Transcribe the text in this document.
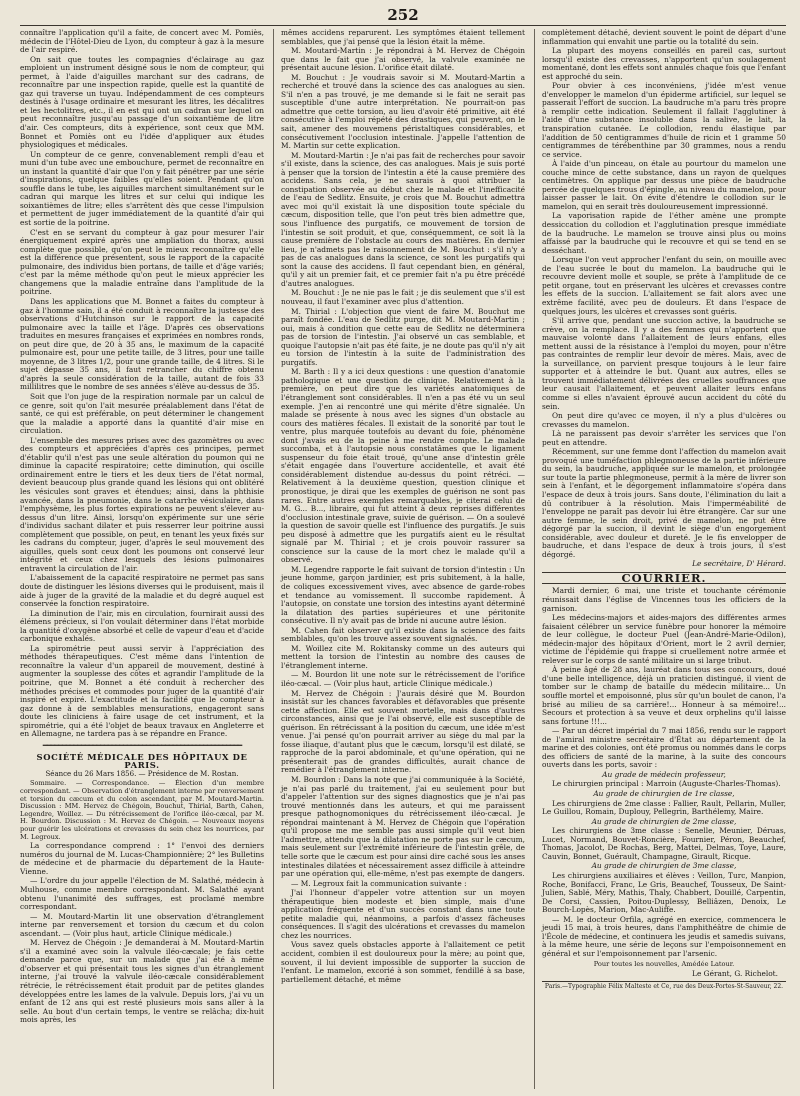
252

connaître l'application qu'il a faite, de concert avec M. Pomiès, médecin de l'Hôtel-Dieu de Lyon, du compteur à gaz à la mesure de l'air respiré.

On sait que toutes les compagnies d'éclairage au gaz emploient un instrument désigné sous le nom de compteur, qui permet, à l'aide d'aiguilles marchant sur des cadrans, de reconnaître par une inspection rapide, quelle est la quantité de gaz qui traverse un tuyau. Indépendamment de ces compteurs destinés à l'usage ordinaire et mesurant les litres, les décalitres et les hectolitres, etc., il en est qui ont un cadran sur lequel on peut reconnaître jusqu'au passage d'un soixantième de litre d'air. Ces compteurs, dits à expérience, sont ceux que MM. Bonnet et Pomiès ont eu l'idée d'appliquer aux études physiologiques et médicales.

Un compteur de ce genre, convenablement rempli d'eau et muni d'un tube avec une embouchure, permet de reconnaître en un instant la quantité d'air que l'on y fait pénétrer par une série d'inspirations, quelque faibles qu'elles soient. Pendant qu'on souffle dans le tube, les aiguilles marchent simultanément sur le cadran qui marque les litres et sur celui qui indique les soixantièmes de litre; elles s'arrêtent dès que cesse l'impulsion et permettent de juger immédiatement de la quantité d'air qui est sortie de la poitrine.

C'est en se servant du compteur à gaz pour mesurer l'air énergiquement expiré après une ampliation du thorax, aussi complète que possible, qu'on peut le mieux reconnaître qu'elle est la différence que présentent, sous le rapport de la capacité pulmonaire, des individus bien portans, de taille et d'âge variés; c'est par la même méthode qu'on peut le mieux apprécier les changemens que la maladie entraîne dans l'amplitude de la poitrine.

Dans les applications que M. Bonnet a faites du compteur à gaz à l'homme sain, il a été conduit à reconnaître la justesse des observations d'Hutchinson sur le rapport de la capacité pulmonaire avec la taille et l'âge. D'après ces observations traduites en mesures françaises et exprimées en nombres ronds, on peut dire que, de 20 à 35 ans, le maximum de la capacité pulmonaire est, pour une petite taille, de 3 litres, pour une taille moyenne, de 3 litres 1/2, pour une grande taille, de 4 litres. Si le sujet dépasse 35 ans, il faut retrancher du chiffre obtenu d'après la seule considération de la taille, autant de fois 33 millilitres que le nombre de ses années s'élève au-dessus de 35.

Soit que l'on juge de la respiration normale par un calcul de ce genre, soit qu'on l'ait mesurée préalablement dans l'état de santé, ce qui est préférable, on peut déterminer le changement que la maladie a apporté dans la quantité d'air mise en circulation.

L'ensemble des mesures prises avec des gazomètres ou avec des compteurs et appréciées d'après ces principes, permet d'établir qu'il n'est pas une seule altération du poumon qui ne diminue la capacité respiratoire; cette diminution, qui oscille ordinairement entre le tiers et les deux tiers de l'état normal, devient beaucoup plus grande quand les lésions qui ont oblitéré les vésicules sont graves et étendues; ainsi, dans la phthisie avancée, dans la pneumonie, dans le catarrhe vésiculaire, dans l'emphysème, les plus fortes expirations ne peuvent s'élever au-dessus d'un litre. Ainsi, lorsqu'on expérimente sur une série d'individus sachant dilater et puis resserrer leur poitrine aussi complètement que possible, on peut, en tenant les yeux fixés sur les cadrans du compteur, juger, d'après le seul mouvement des aiguilles, quels sont ceux dont les poumons ont conservé leur intégrité et ceux chez lesquels des lésions pulmonaires entravent la circulation de l'air.

L'abaissement de la capacité respiratoire ne permet pas sans doute de distinguer les lésions diverses qui le produisent, mais il aide à juger de la gravité de la maladie et du degré auquel est conservée la fonction respiratoire.

La diminution de l'air, mis en circulation, fournirait aussi des élémens précieux, si l'on voulait déterminer dans l'état morbide la quantité d'oxygène absorbé et celle de vapeur d'eau et d'acide carbonique exhalés.

La spirométrie peut aussi servir à l'appréciation des méthodes thérapeutiques. C'est même dans l'intention de reconnaître la valeur d'un appareil de mouvement, destiné à augmenter la souplesse des côtes et agrandir l'amplitude de la poitrine, que M. Bonnet a été conduit à rechercher des méthodes précises et commodes pour juger de la quantité d'air inspiré et expiré. L'exactitude et la facilité que le compteur à gaz donne à de semblables mensurations, engageront sans doute les cliniciens à faire usage de cet instrument, et la spirométrie, qui a été l'objet de beaux travaux en Angleterre et en Allemagne, ne tardera pas à se répandre en France.

━━━━━━━━━━━━━━━━━━━━━━━━━━━━━━━━━━━━━━━━━━━━━━━━━━━━
SOCIÉTÉ MÉDICALE DES HÔPITAUX DE PARIS.
Séance du 26 Mars 1856. — Présidence de M. Rostan.

Sommaire. — Correspondance. — Élection d'un membre correspondant. — Observation d'étranglement interne par renversement et torsion du cæcum et du colon ascendant, par M. Moutard-Martin. Discussion : MM. Hervez de Chégoin, Bouchut, Thirial, Barth, Cahen, Legendre, Woillez. — Du rétrécissement de l'orifice iléo-cæcal, par M. H. Bourdon. Discussion : M. Hervez de Chégoin. — Nouveaux moyens pour guérir les ulcérations et crevasses du sein chez les nourrices, par M. Legroux.

La correspondance comprend : 1° l'envoi des derniers numéros du journal de M. Lucas-Championnière; 2° les Bulletins de médecine et de pharmacie du département de la Haute-Vienne.

— L'ordre du jour appelle l'élection de M. Salathé, médecin à Mulhouse, comme membre correspondant. M. Salathé ayant obtenu l'unanimité des suffrages, est proclamé membre correspondant.

— M. Moutard-Martin lit une observation d'étranglement interne par renversement et torsion du cæcum et du colon ascendant. — (Voir plus haut, article Clinique médicale.)

M. Hervez de Chégoin : Je demanderai à M. Moutard-Martin s'il a examiné avec soin la valvule iléo-cæcale; je fais cette demande parce que, sur un malade que j'ai été à même d'observer et qui présentait tous les signes d'un étranglement interne, j'ai trouvé la valvule iléo-cæcale considérablement rétrécie, le rétrécissement était produit par de petites glandes développées entre les lames de la valvule. Depuis lors, j'ai vu un enfant de 12 ans qui est resté plusieurs mois sans aller à la selle. Au bout d'un certain temps, le ventre se relâcha; dix-huit mois après, les

mêmes accidens reparurent. Les symptômes étaient tellement semblables, que j'ai pensé que la lésion était la même.

M. Moutard-Martin : Je répondrai à M. Hervez de Chégoin que dans le fait que j'ai observé, la valvule examinée ne présentait aucune lésion. L'orifice était dilaté.

M. Bouchut : Je voudrais savoir si M. Moutard-Martin a recherché et trouvé dans la science des cas analogues au sien. S'il n'en a pas trouvé, je me demande si le fait ne serait pas susceptible d'une autre interprétation. Ne pourrait-on pas admettre que cette torsion, au lieu d'avoir été primitive, ait été consécutive à l'emploi répété des drastiques, qui peuvent, on le sait, amener des mouvemens péristaltiques considérables, et consécutivement l'occlusion intestinale. J'appelle l'attention de M. Martin sur cette explication.

M. Moutard-Martin : Je n'ai pas fait de recherches pour savoir s'il existe, dans la science, des cas analogues. Mais je suis porté à penser que la torsion de l'intestin a été la cause première des accidens. Sans cela, je ne saurais à quoi attribuer la constipation observée au début chez le malade et l'inefficacité de l'eau de Sedlitz. Ensuite, je crois que M. Bouchut admettra avec moi qu'il existait là une disposition toute spéciale du cæcum, disposition telle, que l'on peut très bien admettre que, sous l'influence des purgatifs, ce mouvement de torsion de l'intestin se soit produit, et que, conséquemment, ce soit là la cause première de l'obstacle au cours des matières. En dernier lieu, je n'admets pas le raisonnement de M. Bouchut : s'il n'y a pas de cas analogues dans la science, ce sont les purgatifs qui sont la cause des accidens. Il faut cependant bien, en général, qu'il y ait un premier fait, et ce premier fait n'a pu être précédé d'autres analogues.

M. Bouchut : Je ne nie pas le fait ; je dis seulement que s'il est nouveau, il faut l'examiner avec plus d'attention.

M. Thirial : L'objection que vient de faire M. Bouchut me paraît fondée. L'eau de Sedlitz purge, dit M. Moutard-Martin ; oui, mais à condition que cette eau de Sedlitz ne déterminera pas de torsion de l'intestin. J'ai observé un cas semblable, et quoique l'autopsie n'ait pas été faite, je ne doute pas qu'il n'y ait eu torsion de l'intestin à la suite de l'administration des purgatifs.

M. Barth : Il y a ici deux questions : une question d'anatomie pathologique et une question de clinique. Relativement à la première, on peut dire que les variétés anatomiques de l'étranglement sont considérables. Il n'en a pas été vu un seul exemple. J'en ai rencontré une qui mérite d'être signalée. Un malade se présente à nous avec les signes d'un obstacle au cours des matières fécales. Il existait de la sonorité par tout le ventre, plus marquée toutefois au devant du foie, phénomène dont j'avais eu de la peine à me rendre compte. Le malade succomba, et à l'autopsie nous constatâmes que le ligament suspenseur du foie était troué, qu'une anse d'intestin grêle s'était engagée dans l'ouverture accidentelle, et avait été considérablement distendue au-dessus du point rétréci. — Relativement à la deuxième question, question clinique et pronostique, je dirai que les exemples de guérison ne sont pas rares. Entre autres exemples remarquables, je citerai celui de M. G... B..., libraire, qui fut atteint à deux reprises différentes d'occlusion intestinale grave, suivie de guérison. — On a soulevé la question de savoir quelle est l'influence des purgatifs. Je suis peu disposé à admettre que les purgatifs aient eu le résultat signalé par M. Thirial ; et je crois pouvoir rassurer sa conscience sur la cause de la mort chez le malade qu'il a observé.

M. Legendre rapporte le fait suivant de torsion d'intestin : Un jeune homme, garçon jardinier, est pris subitement, à la halle, de coliques excessivement vives, avec absence de garde-robes et tendance au vomissement. Il succombe rapidement. À l'autopsie, on constate une torsion des intestins ayant déterminé la dilatation des parties supérieures et une péritonite consécutive. Il n'y avait pas de bride ni aucune autre lésion.

M. Cahen fait observer qu'il existe dans la science des faits semblables, qu'on les trouve assez souvent signalés.

M. Woillez cite M. Rokitansky comme un des auteurs qui mettent la torsion de l'intestin au nombre des causes de l'étranglement interne.

— M. Bourdon lit une note sur le rétrécissement de l'orifice iléo-cæcal. — (Voir plus haut, article Clinique médicale.)

M. Hervez de Chégoin : J'aurais désiré que M. Bourdon insistât sur les chances favorables et défavorables que présente cette affection. Elle est souvent mortelle, mais dans d'autres circonstances, ainsi que je l'ai observé, elle est susceptible de guérison. En rétrécissant à la position du cæcum, une idée m'est venue. J'ai pensé qu'on pourrait arriver au siège du mal par la fosse iliaque, d'autant plus que le cæcum, lorsqu'il est dilaté, se rapproche de la paroi abdominale, et qu'une opération, qui ne présenterait pas de grandes difficultés, aurait chance de remédier à l'étranglement interne.

M. Bourdon : Dans la note que j'ai communiquée à la Société, je n'ai pas parlé du traitement, j'ai eu seulement pour but d'appeler l'attention sur des signes diagnostics que je n'ai pas trouvé mentionnés dans les auteurs, et qui me paraissent presque pathognomoniques du rétrécissement iléo-cæcal. Je répondrai maintenant à M. Hervez de Chégoin que l'opération qu'il propose me me semble pas aussi simple qu'il veut bien l'admettre, attendu que la dilatation ne porte pas sur le cæcum, mais seulement sur l'extrémité inférieure de l'intestin grêle, de telle sorte que le cæcum est pour ainsi dire caché sous les anses intestinales dilatées et nécessairement assez difficile à atteindre par une opération qui, elle-même, n'est pas exempte de dangers.

— M. Legroux fait la communication suivante :

J'ai l'honneur d'appeler votre attention sur un moyen thérapeutique bien modeste et bien simple, mais d'une application fréquente et d'un succès constant dans une toute petite maladie qui, néanmoins, a parfois d'assez fâcheuses conséquences. Il s'agit des ulcérations et crevasses du mamelon chez les nourrices.

Vous savez quels obstacles apporte à l'allaitement ce petit accident, combien il est douloureux pour la mère; au point que, souvent, il lui devient impossible de supporter la succion de l'enfant. Le mamelon, excorié à son sommet, fendillé à sa base, partiellement détaché, et même

complètement détaché, devient souvent le point de départ d'une inflammation qui envahit une partie ou la totalité du sein.

La plupart des moyens conseillés en pareil cas, surtout lorsqu'il existe des crevasses, n'apportent qu'un soulagement momentané, dont les effets sont annulés chaque fois que l'enfant est approché du sein.

Pour obvier à ces inconvéniens, j'idée m'est venue d'envelopper le mamelon d'un épiderme artificiel, sur lequel se passerait l'effort de succion. La baudruche m'a paru très propre à remplir cette indication. Seulement il fallait l'agglutiner à l'aide d'une substance insoluble dans la salive, le lait, la transpiration cutanée. Le collodion, rendu élastique par l'addition de 50 centigrammes d'huile de ricin et 1 gramme 50 centigrammes de térébenthine par 30 grammes, nous a rendu ce service.

À l'aide d'un pinceau, on étale au pourtour du mamelon une couche mince de cette substance, dans un rayon de quelques centimètres. On applique par dessus une pièce de baudruche percée de quelques trous d'épingle, au niveau du mamelon, pour laisser passer le lait. On évite d'étendre le collodion sur le mamelon, qui en serait très douloureusement impressionné.

La vaporisation rapide de l'éther amène une prompte dessiccation du collodion et l'agglutination presque immédiate de la baudruche. Le mamelon se trouve ainsi plus ou moins affaissé par la baudruche qui le recouvre et qui se tend en se desséchant.

Lorsque l'on veut approcher l'enfant du sein, on mouille avec de l'eau sucrée le bout du mamelon. La baudruche qui le recouvre devient molle et souple, se prête à l'amplitude de ce petit organe, tout en préservant les ulcères et crevasses contre les effets de la succion. L'allaitement se fait alors avec une extrême facilité, avec peu de douleurs. Et dans l'espace de quelques jours, les ulcères et crevasses sont guéris.

S'il arrive que, pendant une succion active, la baudruche se crève, on la remplace. Il y a des femmes qui n'apportent que mauvaise volonté dans l'allaitement de leurs enfans, elles mettent aussi de la résistance à l'emploi du moyen, pour n'être pas contraintes de remplir leur devoir de mères. Mais, avec de la surveillance, on parvient presque toujours à le leur faire supporter et à atteindre le but. Quant aux autres, elles se trouvent immédiatement délivrées des cruelles souffrances que leur causait l'allaitement, et peuvent allaiter leurs enfans comme si elles n'avaient éprouvé aucun accident du côté du sein.

On peut dire qu'avec ce moyen, il n'y a plus d'ulcères ou crevasses du mamelon.

Là ne paraissent pas devoir s'arrêter les services que l'on peut en attendre.

Récemment, sur une femme dont l'affection du mamelon avait provoqué une tuméfaction phlegmoneuse de la partie inférieure du sein, la baudruche, appliquée sur le mamelon, et prolongée sur toute la partie phlegmoneuse, permit à la mère de livrer son sein à l'enfant, et le dégorgement inflammatoire s'opéra dans l'espace de deux à trois jours. Sans doute, l'élimination du lait a dû contribuer à la résolution. Mais l'imperméabilité de l'enveloppe ne paraît pas devoir lui être étrangère. Car sur une autre femme, le sein droit, privé de mamelon, ne put être dégorgé par la succion, il devint le siège d'un engorgement considérable, avec douleur et dureté. Je le fis envelopper de baudruche, et dans l'espace de deux à trois jours, il s'est dégorgé.

Le secrétaire, D' Hérard.
COURRIER.

Mardi dernier, 6 mai, une triste et touchante cérémonie réunissait dans l'église de Vincennes tous les officiers de la garnison.

Les médecins-majors et aides-majors des différentes armes faisaient célébrer un service funèbre pour honorer la mémoire de leur collègue, le docteur Puel (Jean-André-Marie-Odilon), médecin-major des hôpitaux d'Orient, mort le 2 avril dernier, victime de l'épidémie qui frappe si cruellement notre armée et relever sur le corps de santé militaire un si large tribut.

À peine âgé de 28 ans, lauréat dans tous ses concours, doué d'une belle intelligence, déjà un praticien distingué, il vient de tomber sur le champ de bataille du médecin militaire... Un souffle mortel et empoisonné, plus sûr qu'un boulet de canon, l'a brisé au milieu de sa carrière!... Honneur à sa mémoire!... Secours et protection à sa veuve et deux orphelins qu'il laisse sans fortune !!!...

— Par un décret impérial du 7 mai 1856, rendu sur le rapport de l'amiral ministre secrétaire d'État au département de la marine et des colonies, ont été promus ou nommés dans le corps des officiers de santé de la marine, à la suite des concours ouverts dans les ports, savoir :

Au grade de médecin professeur,

Le chirurgien principal : Marroin (Auguste-Charles-Thomas).

Au grade de chirurgien de 1re classe,

Les chirurgiens de 2me classe : Fallier, Rault, Pellarin, Muller, Le Guillou, Romain, Duplouy, Pellegrin, Barthélemy, Maire.

Au grade de chirurgien de 2me classe,

Les chirurgiens de 3me classe : Senelle, Meunier, Déruas, Lucet, Normand, Bouvet-Roncière, Fournier, Péron, Beauchef, Thomas, Jacolot, De Rochas, Berg, Mattei, Delmas, Toye, Laure, Cauvin, Bonnet, Guérault, Champagne, Girault, Ricque.

Au grade de chirurgien de 3me classe,

Les chirurgiens auxiliaires et élèves : Veillon, Turc, Manpion, Roche, Bonifacci, Franc, Le Gris, Beauchef, Tousseux, De Saint-Julien, Sablé, Méry, Mathis, Thaly, Chabbert, Douillé, Carpentin, De Corsi, Cassien, Poitou-Duplessy, Belliâzen, Denoix, Le Bourch-Lopès, Marion, Mac-Auliffe.

— M. le docteur Orfila, agrégé en exercice, commencera le jeudi 15 mai, à trois heures, dans l'amphithéâtre de chimie de l'École de médecine, et continuera les jeudis et samedis suivans, à la même heure, une série de leçons sur l'empoisonnement en général et sur l'empoisonnement par l'arsenic.

Pour toutes les nouvelles, Amédée Latour.
Le Gérant, G. Richelot.
Paris.—Typographie Félix Malteste et Ce, rue des Deux-Portes-St-Sauveur, 22.
